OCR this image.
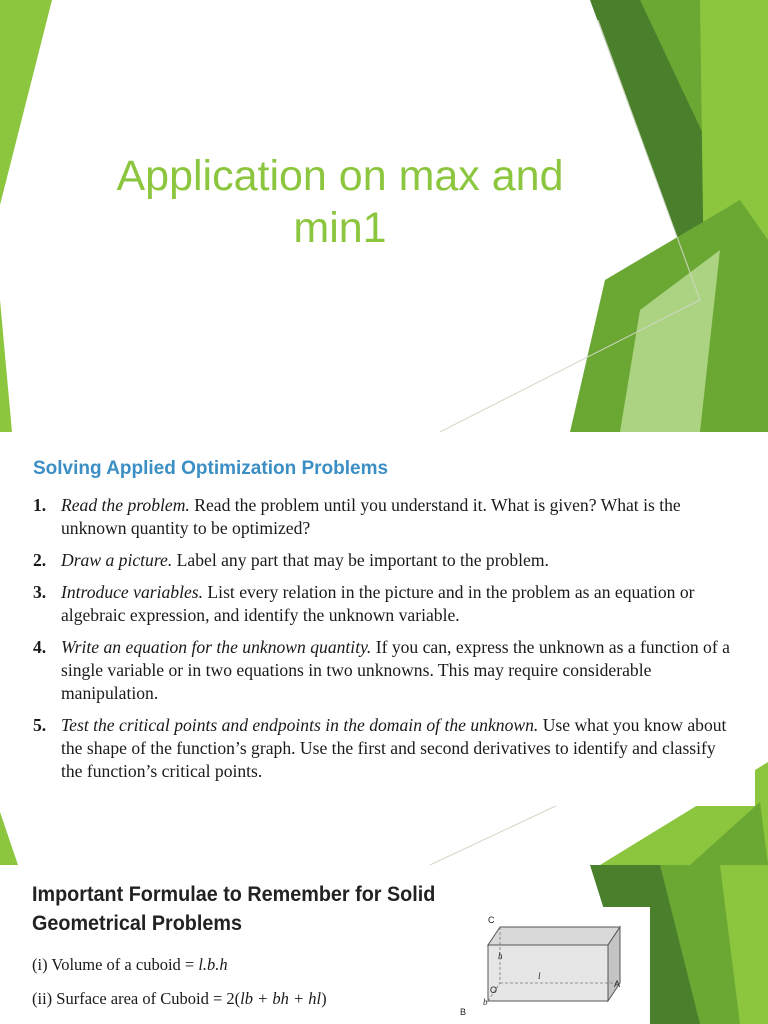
Application on max and min1
Solving Applied Optimization Problems
1. Read the problem. Read the problem until you understand it. What is given? What is the unknown quantity to be optimized?
2. Draw a picture. Label any part that may be important to the problem.
3. Introduce variables. List every relation in the picture and in the problem as an equation or algebraic expression, and identify the unknown variable.
4. Write an equation for the unknown quantity. If you can, express the unknown as a function of a single variable or in two equations in two unknowns. This may require considerable manipulation.
5. Test the critical points and endpoints in the domain of the unknown. Use what you know about the shape of the function’s graph. Use the first and second derivatives to identify and classify the function’s critical points.
Important Formulae to Remember for Solid Geometrical Problems
(i) Volume of a cuboid = l.b.h
(ii) Surface area of Cuboid = 2(lb + bh + hl)
C
h
l
O
b
A
B
